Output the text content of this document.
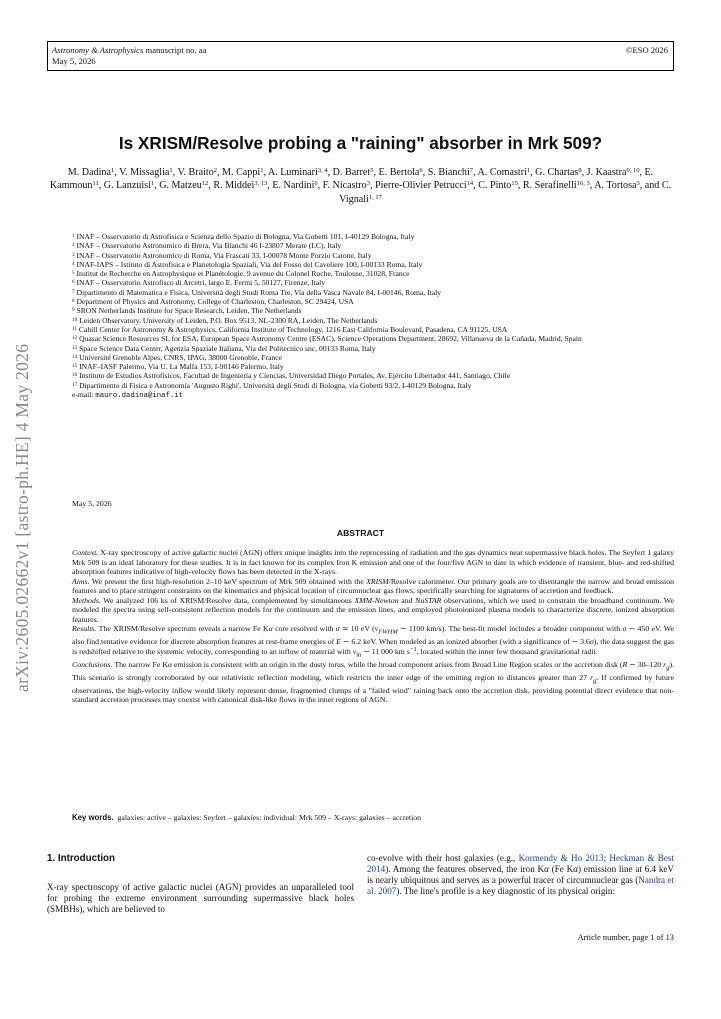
Astronomy & Astrophysics manuscript no. aa
May 5, 2026
©ESO 2026
arXiv:2605.02662v1 [astro-ph.HE] 4 May 2026
Is XRISM/Resolve probing a "raining" absorber in Mrk 509?
M. Dadina$^1$, V. Missaglia$^1$, V. Braito$^2$, M. Cappi$^1$, A. Luminari$^{3, 4}$, D. Barret$^5$, E. Bertola$^6$, S. Bianchi$^7$, A. Comastri$^1$, G. Chartas$^8$, J. Kaastra$^{9, 10}$, E. Kammoun$^{11}$, G. Lanzuisi$^1$, G. Matzeu$^{12}$, R. Middei$^{3, 13}$, E. Nardini$^6$, F. Nicastro$^3$, Pierre-Olivier Petrucci$^{14}$, C. Pinto$^{15}$, R. Serafinelli$^{16, 3}$, A. Tortosa$^3$, and C. Vignali$^{1, 17}$

$^1$ INAF – Osservatorio di Astrofisica e Scienza dello Spazio di Bologna, Via Gobetti 101, I-40129 Bologna, Italy

$^2$ INAF – Osservatorio Astronomico di Brera, Via Bianchi 46 I-23807 Merate (LC), Italy

$^3$ INAF – Osservatorio Astronomico di Roma, Via Frascati 33, I-00078 Monte Porzio Catone, Italy

$^4$ INAF-IAPS – Istituto di Astrofisica e Planetologia Spaziali, Via del Fosso del Caveliere 100, I-00133 Roma, Italy

$^5$ Institut de Recherche en Astrophysique et Planétologie, 9 avenue du Colonel Roche, Toulouse, 31028, France

$^6$ INAF – Osservatorio Astrofisco di Arcetri, largo E. Fermi 5, 50127, Firenze, Italy

$^7$ Dipartimento di Matematica e Fisica, Università degli Studi Roma Tre, Via della Vasca Navale 84, I-00146, Roma, Italy

$^8$ Department of Physics and Astronomy, College of Charleston, Charleston, SC 29424, USA

$^9$ SRON Netherlands Institute for Space Research, Leiden, The Netherlands

$^{10}$ Leiden Observatory, University of Leiden, P.O. Box 9513, NL-2300 RA, Leiden, The Netherlands

$^{11}$ Cahill Center for Astronomy & Astrophysics, California Institute of Technology, 1216 East California Boulevard, Pasadena, CA 91125, USA

$^{12}$ Quasar Science Resources SL for ESA, European Space Astronomy Centre (ESAC), Science Operations Department, 28692, Villanueva de la Cañada, Madrid, Spain

$^{13}$ Space Science Data Center, Agenzia Spaziale Italiana, Via del Politecnico snc, 00133 Roma, Italy

$^{14}$ Université Grenoble Alpes, CNRS, IPAG, 38000 Grenoble, France

$^{15}$ INAF–IASF Palermo, Via U. La Malfa 153, I-90146 Palermo, Italy

$^{16}$ Instituto de Estudios Astrofísicos, Facultad de Ingeniería y Ciencias, Universidad Diego Portales, Av. Ejército Libertador 441, Santiago, Chile

$^{17}$ Dipartimento di Fisica e Astronomia 'Augusto Righi', Università degli Studi di Bologna, via Gobetti 93/2, I-40129 Bologna, Italy

e-mail: mauro.dadina@inaf.it

May 5, 2026
ABSTRACT

Context. X-ray spectroscopy of active galactic nuclei (AGN) offers unique insights into the reprocessing of radiation and the gas dynamics near supermassive black holes. The Seyfert 1 galaxy Mrk 509 is an ideal laboratory for these studies. It is in fact known for its complex Iron K emission and one of the four/five AGN to date in which evidence of transient, blue- and red-shifted absorption features indicative of high-velocity flows has been detected in the X-rays.

Aims. We present the first high-resolution 2–10 keV spectrum of Mrk 509 obtained with the XRISM/Resolve calorimeter. Our primary goals are to disentangle the narrow and broad emission features and to place stringent constraints on the kinematics and physical location of circumnuclear gas flows, specifically searching for signatures of accretion and feedback.

Methods. We analyzed 106 ks of XRISM/Resolve data, complemented by simultaneous XMM-Newton and NuSTAR observations, which we used to constrain the broadband continuum. We modeled the spectra using self-consistent reflection models for the continuum and the emission lines, and employed photoionized plasma models to characterize discrete, ionized absorption features.

Results. The XRISM/Resolve spectrum reveals a narrow Fe Kα core resolved with σ ≃ 10 eV ($v_{FWHM}$ ∼ 1100 km/s). The best-fit model includes a broader component with σ ∼ 450 eV. We also find tentative evidence for discrete absorption features at rest-frame energies of E ∼ 6.2 keV. When modeled as an ionized absorber (with a significance of ∼ 3.6σ), the data suggest the gas is redshifted relative to the systemic velocity, corresponding to an inflow of material with $v_{in}$ ∼ 11 000 km $s^{-1}$, located within the inner few thousand gravitational radii.

Conclusions. The narrow Fe Kα emission is consistent with an origin in the dusty torus, while the broad component arises from Broad Line Region scales or the accretion disk (R ∼ 30–120 $r_g$). This scenario is strongly corroborated by our relativistic reflection modeling, which restricts the inner edge of the emitting region to distances greater than 27 $r_g$. If confirmed by future observations, the high-velocity inflow would likely represent dense, fragmented clumps of a "failed wind" raining back onto the accretion disk, providing potential direct evidence that non-standard accretion processes may coexist with canonical disk-like flows in the inner regions of AGN.

Key words. galaxies: active – galaxies: Seyfert – galaxies: individual: Mrk 509 – X-rays: galaxies – accretion
1. Introduction

X-ray spectroscopy of active galactic nuclei (AGN) provides an unparalleled tool for probing the extreme environment surrounding supermassive black holes (SMBHs), which are believed to

co-evolve with their host galaxies (e.g., Kormendy & Ho 2013; Heckman & Best 2014). Among the features observed, the iron Kα (Fe Kα) emission line at 6.4 keV is nearly ubiquitous and serves as a powerful tracer of circumnuclear gas (Nandra et al. 2007). The line's profile is a key diagnostic of its physical origin:

Article number, page 1 of 13
